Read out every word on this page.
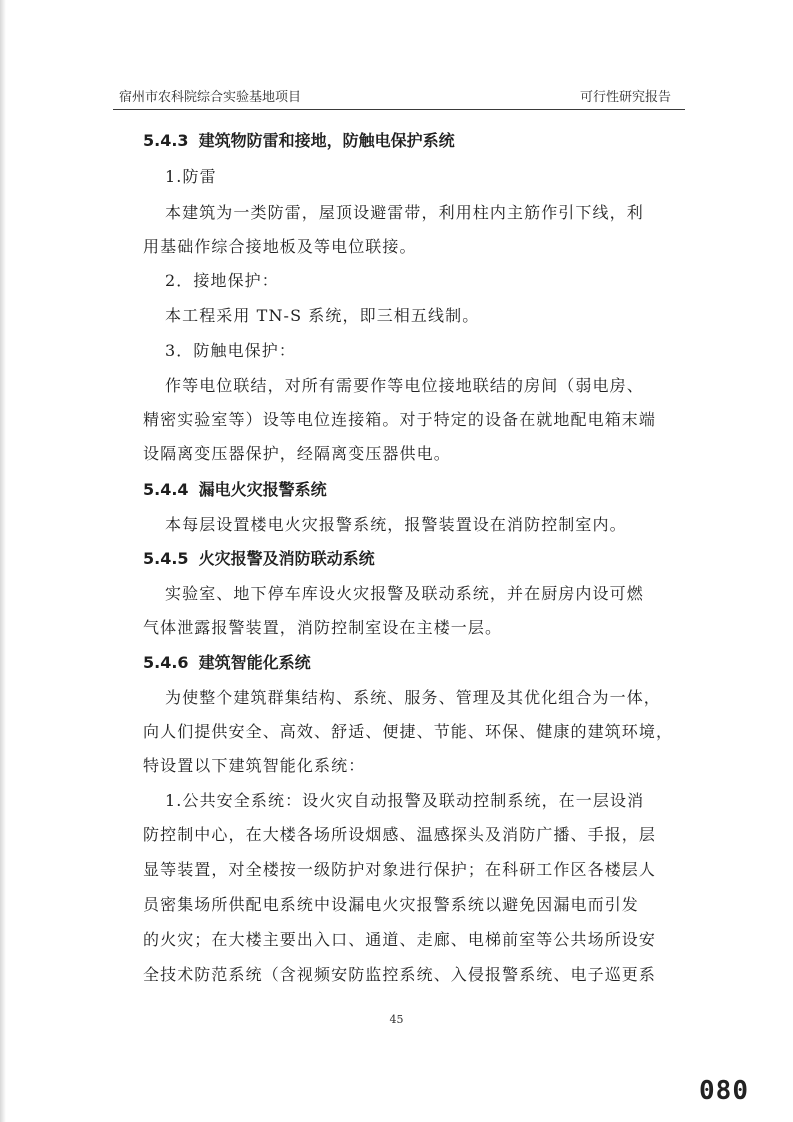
宿州市农科院综合实验基地项目	可行性研究报告
5.4.3 建筑物防雷和接地，防触电保护系统
1.防雷
本建筑为一类防雷，屋顶设避雷带，利用柱内主筋作引下线，利
用基础作综合接地板及等电位联接。
2．接地保护：
本工程采用 TN-S 系统，即三相五线制。
3．防触电保护：
作等电位联结，对所有需要作等电位接地联结的房间（弱电房、
精密实验室等）设等电位连接箱。对于特定的设备在就地配电箱末端
设隔离变压器保护，经隔离变压器供电。
5.4.4 漏电火灾报警系统
本每层设置楼电火灾报警系统，报警装置设在消防控制室内。
5.4.5 火灾报警及消防联动系统
实验室、地下停车库设火灾报警及联动系统，并在厨房内设可燃
气体泄露报警装置，消防控制室设在主楼一层。
5.4.6 建筑智能化系统
为使整个建筑群集结构、系统、服务、管理及其优化组合为一体，
向人们提供安全、高效、舒适、便捷、节能、环保、健康的建筑环境，
特设置以下建筑智能化系统：
1.公共安全系统：设火灾自动报警及联动控制系统，在一层设消
防控制中心，在大楼各场所设烟感、温感探头及消防广播、手报，层
显等装置，对全楼按一级防护对象进行保护；在科研工作区各楼层人
员密集场所供配电系统中设漏电火灾报警系统以避免因漏电而引发
的火灾；在大楼主要出入口、通道、走廊、电梯前室等公共场所设安
全技术防范系统（含视频安防监控系统、入侵报警系统、电子巡更系
45
080
